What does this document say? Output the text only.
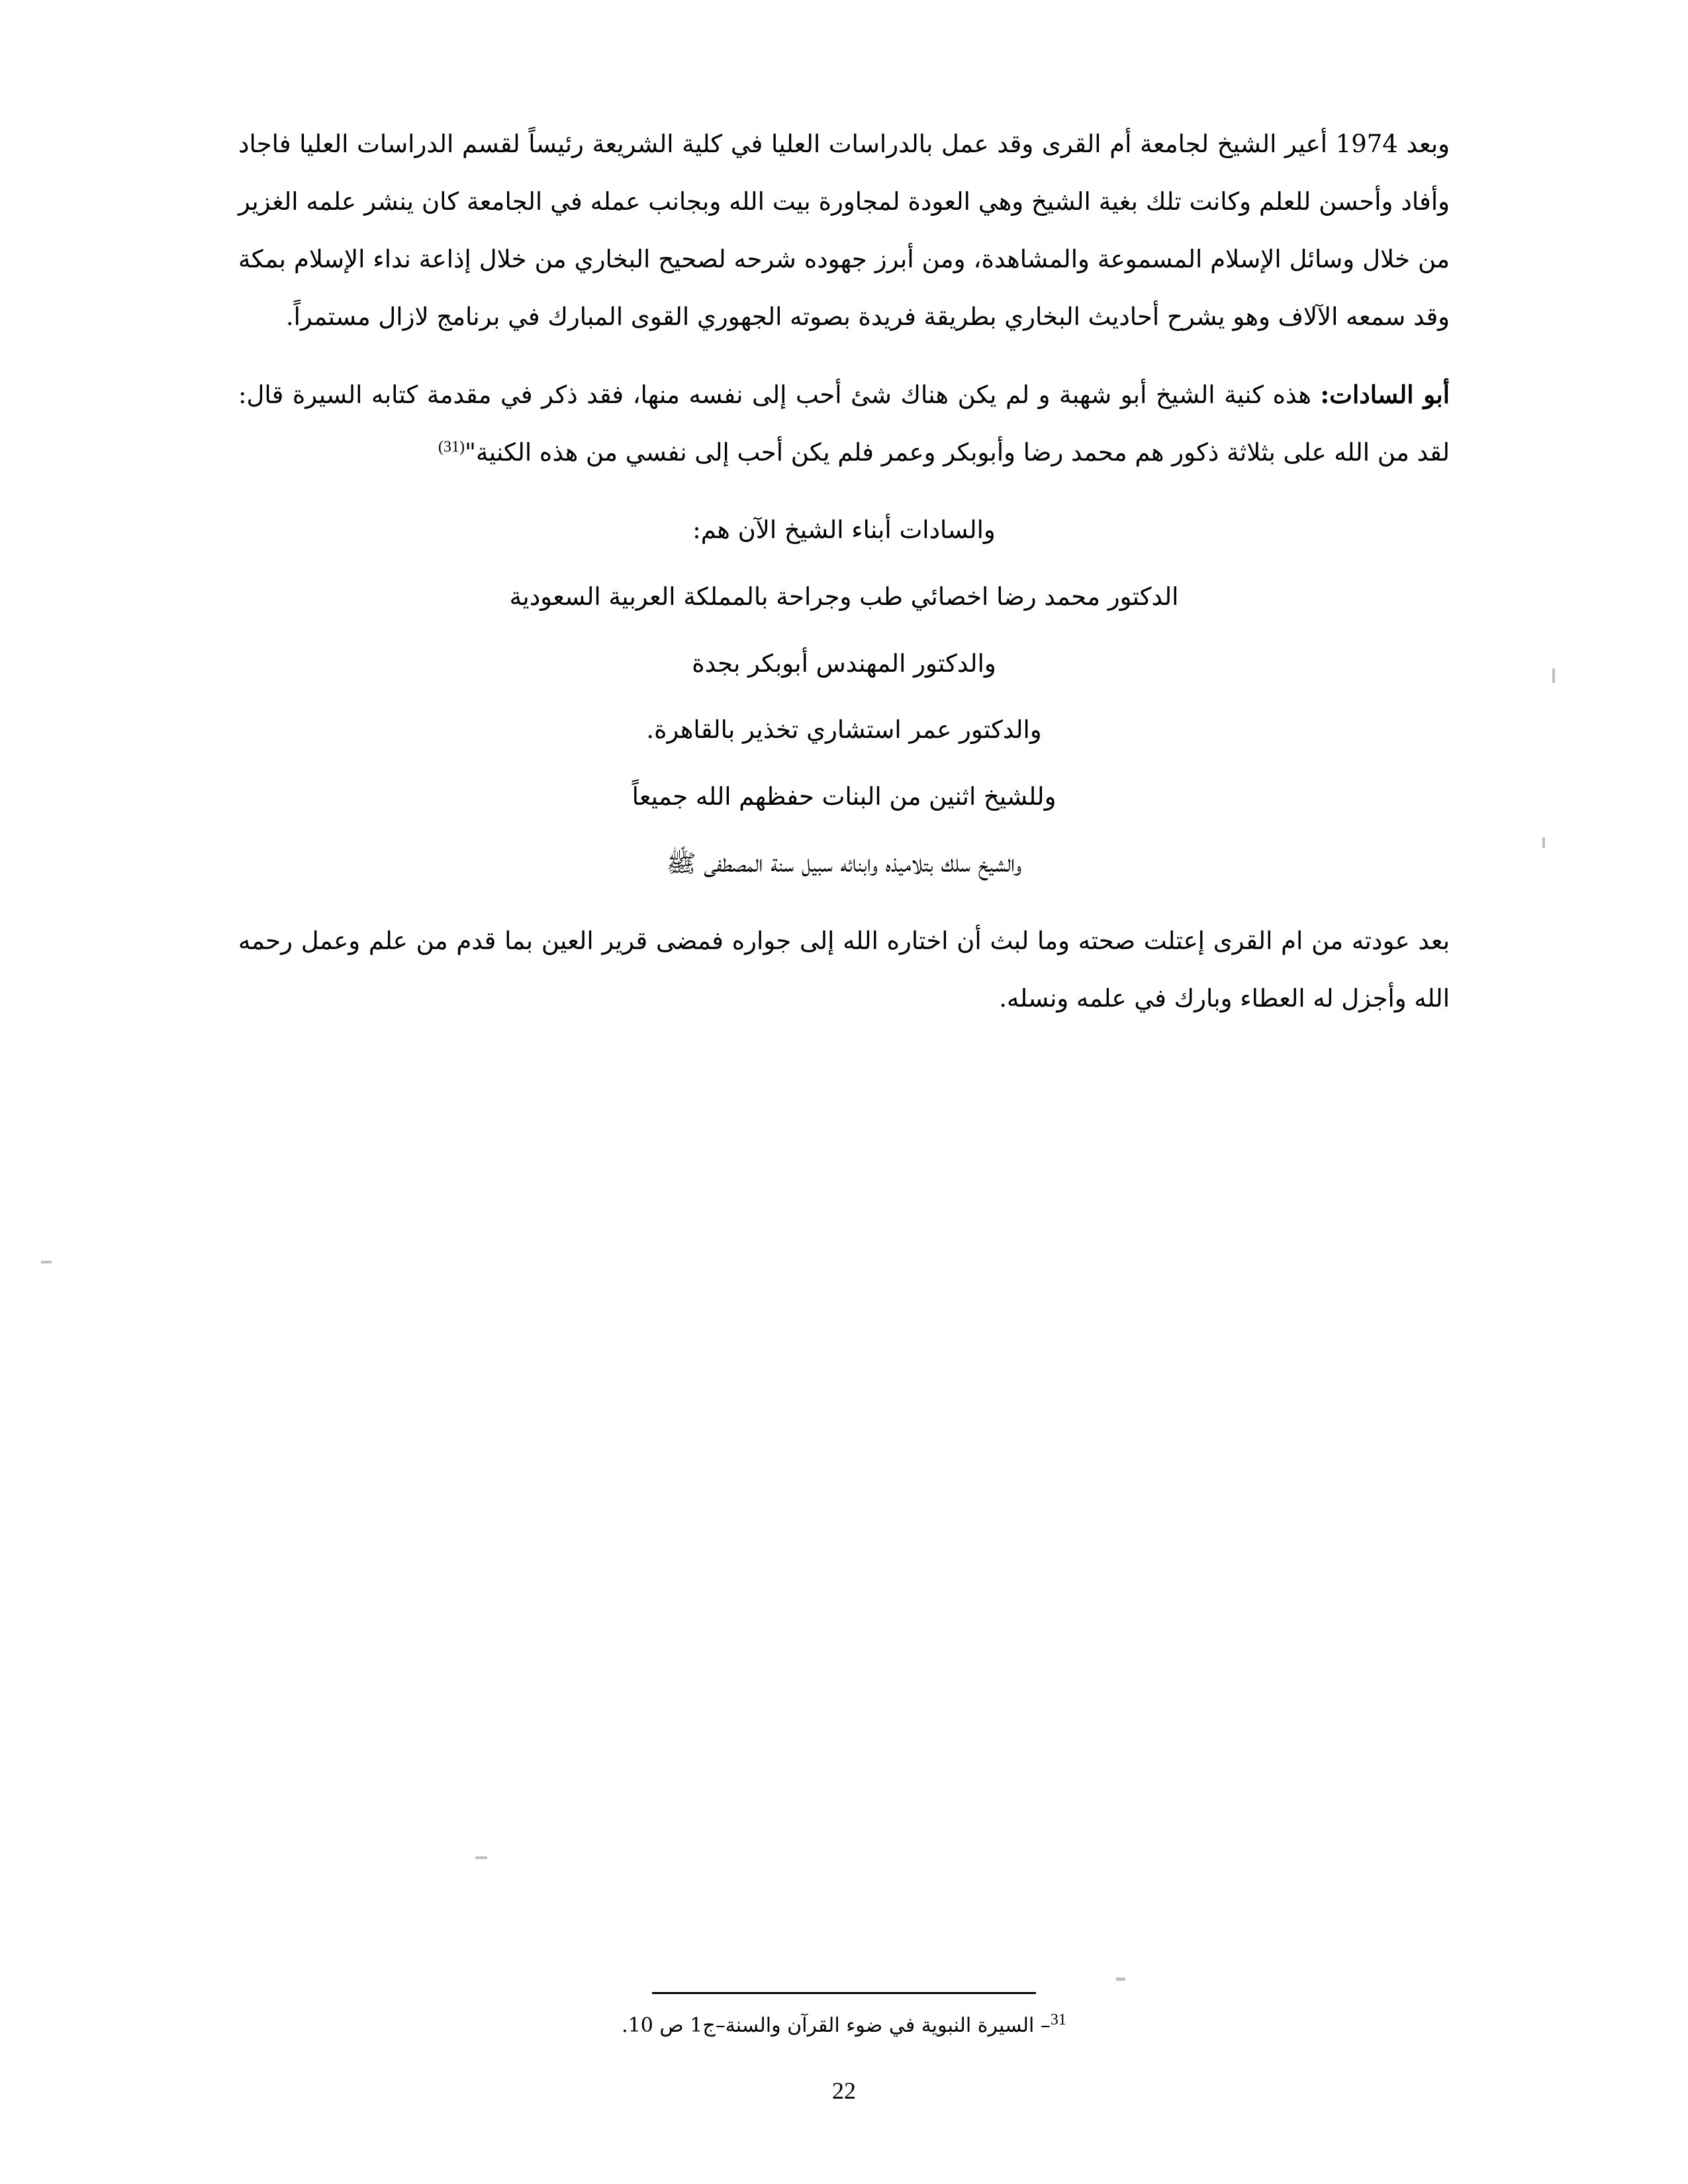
وبعد 1974 أعير الشيخ لجامعة أم القرى وقد عمل بالدراسات العليا في كلية الشريعة رئيساً لقسم الدراسات العليا فاجاد وأفاد وأحسن للعلم وكانت تلك بغية الشيخ وهي العودة لمجاورة بيت الله وبجانب عمله في الجامعة كان ينشر علمه الغزير من خلال وسائل الإسلام المسموعة والمشاهدة، ومن أبرز جهوده شرحه لصحيح البخاري من خلال إذاعة نداء الإسلام بمكة وقد سمعه الآلاف وهو يشرح أحاديث البخاري بطريقة فريدة بصوته الجهوري القوى المبارك في برنامج لازال مستمراً.

أبو السادات: هذه كنية الشيخ أبو شهبة و لم يكن هناك شئ أحب إلى نفسه منها، فقد ذكر في مقدمة كتابه السيرة قال: لقد من الله على بثلاثة ذكور هم محمد رضا وأبوبكر وعمر فلم يكن أحب إلى نفسي من هذه الكنية"$^{(31)}$

والسادات أبناء الشيخ الآن هم:

الدكتور محمد رضا اخصائي طب وجراحة بالمملكة العربية السعودية

والدكتور المهندس أبوبكر بجدة

والدكتور عمر استشاري تخذير بالقاهرة.

وللشيخ اثنين من البنات حفظهم الله جميعاً

والشيخ سلك بتلاميذه وابنائه سبيل سنة المصطفى ﷺ

بعد عودته من ام القرى إعتلت صحته وما لبث أن اختاره الله إلى جواره فمضى قرير العين بما قدم من علم وعمل رحمه الله وأجزل له العطاء وبارك في علمه ونسله.

$^{31}$– السيرة النبوية في ضوء القرآن والسنة–ج1 ص 10.
22
